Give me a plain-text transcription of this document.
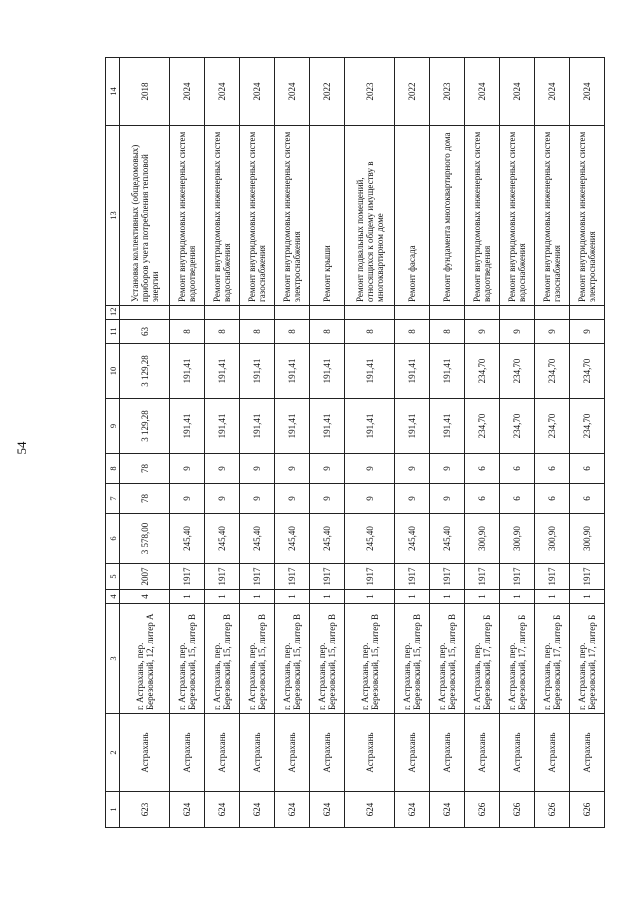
54
1	2	3	4	5	6	7	8	9	10	11	12	13	14
623	Астрахань	г. Астрахань, пер. Березовский, 12, литер А	4	2007	3 578,00	78	78	3 129,28	3 129,28	63		Установка коллективных (общедомовых) приборов учета потребления тепловой энергии	2018
624	Астрахань	г. Астрахань, пер. Березовский, 15, литер В	1	1917	245,40	9	9	191,41	191,41	8		Ремонт внутридомовых инженерных систем водоотведения	2024
624	Астрахань	г. Астрахань, пер. Березовский, 15, литер В	1	1917	245,40	9	9	191,41	191,41	8		Ремонт внутридомовых инженерных систем водоснабжения	2024
624	Астрахань	г. Астрахань, пер. Березовский, 15, литер В	1	1917	245,40	9	9	191,41	191,41	8		Ремонт внутридомовых инженерных систем газоснабжения	2024
624	Астрахань	г. Астрахань, пер. Березовский, 15, литер В	1	1917	245,40	9	9	191,41	191,41	8		Ремонт внутридомовых инженерных систем электроснабжения	2024
624	Астрахань	г. Астрахань, пер. Березовский, 15, литер В	1	1917	245,40	9	9	191,41	191,41	8		Ремонт крыши	2022
624	Астрахань	г. Астрахань, пер. Березовский, 15, литер В	1	1917	245,40	9	9	191,41	191,41	8		Ремонт подвальных помещений, относящихся к общему имуществу в многоквартирном доме	2023
624	Астрахань	г. Астрахань, пер. Березовский, 15, литер В	1	1917	245,40	9	9	191,41	191,41	8		Ремонт фасада	2022
624	Астрахань	г. Астрахань, пер. Березовский, 15, литер В	1	1917	245,40	9	9	191,41	191,41	8		Ремонт фундамента многоквартирного дома	2023
626	Астрахань	г. Астрахань, пер. Березовский, 17, литер Б	1	1917	300,90	6	6	234,70	234,70	9		Ремонт внутридомовых инженерных систем водоотведения	2024
626	Астрахань	г. Астрахань, пер. Березовский, 17, литер Б	1	1917	300,90	6	6	234,70	234,70	9		Ремонт внутридомовых инженерных систем водоснабжения	2024
626	Астрахань	г. Астрахань, пер. Березовский, 17, литер Б	1	1917	300,90	6	6	234,70	234,70	9		Ремонт внутридомовых инженерных систем газоснабжения	2024
626	Астрахань	г. Астрахань, пер. Березовский, 17, литер Б	1	1917	300,90	6	6	234,70	234,70	9		Ремонт внутридомовых инженерных систем электроснабжения	2024
